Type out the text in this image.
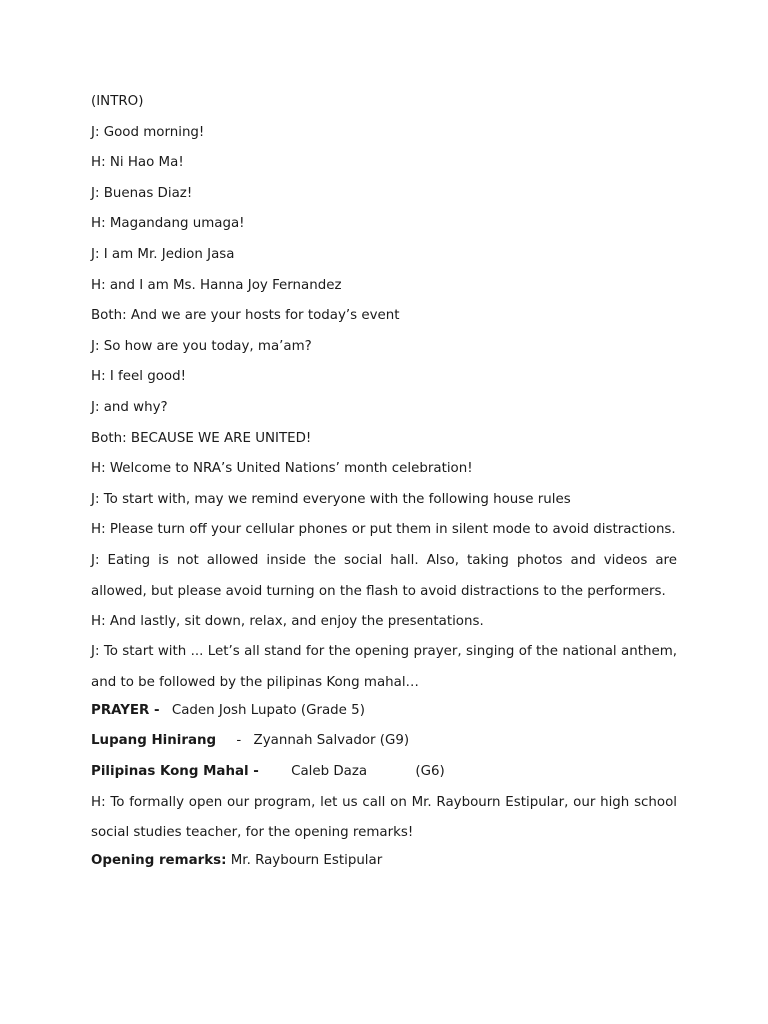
(INTRO)
J: Good morning!
H: Ni Hao Ma!
J: Buenas Diaz!
H: Magandang umaga!
J: I am Mr. Jedion Jasa
H: and I am Ms. Hanna Joy Fernandez
Both: And we are your hosts for today’s event
J: So how are you today, ma’am?
H: I feel good!
J: and why?
Both: BECAUSE WE ARE UNITED!
H: Welcome to NRA’s United Nations’ month celebration!
J: To start with, may we remind everyone with the following house rules
H: Please turn off your cellular phones or put them in silent mode to avoid distractions.
J: Eating is not allowed inside the social hall. Also, taking photos and videos are allowed, but please avoid turning on the flash to avoid distractions to the performers.
H: And lastly, sit down, relax, and enjoy the presentations.
J: To start with ... Let’s all stand for the opening prayer, singing of the national anthem, and to be followed by the pilipinas Kong mahal…
PRAYER - Caden Josh Lupato (Grade 5)
Lupang Hinirang - Zyannah Salvador (G9)
Pilipinas Kong Mahal - Caleb Daza	(G6)
H: To formally open our program, let us call on Mr. Raybourn Estipular, our high school social studies teacher, for the opening remarks!
Opening remarks: Mr. Raybourn Estipular
